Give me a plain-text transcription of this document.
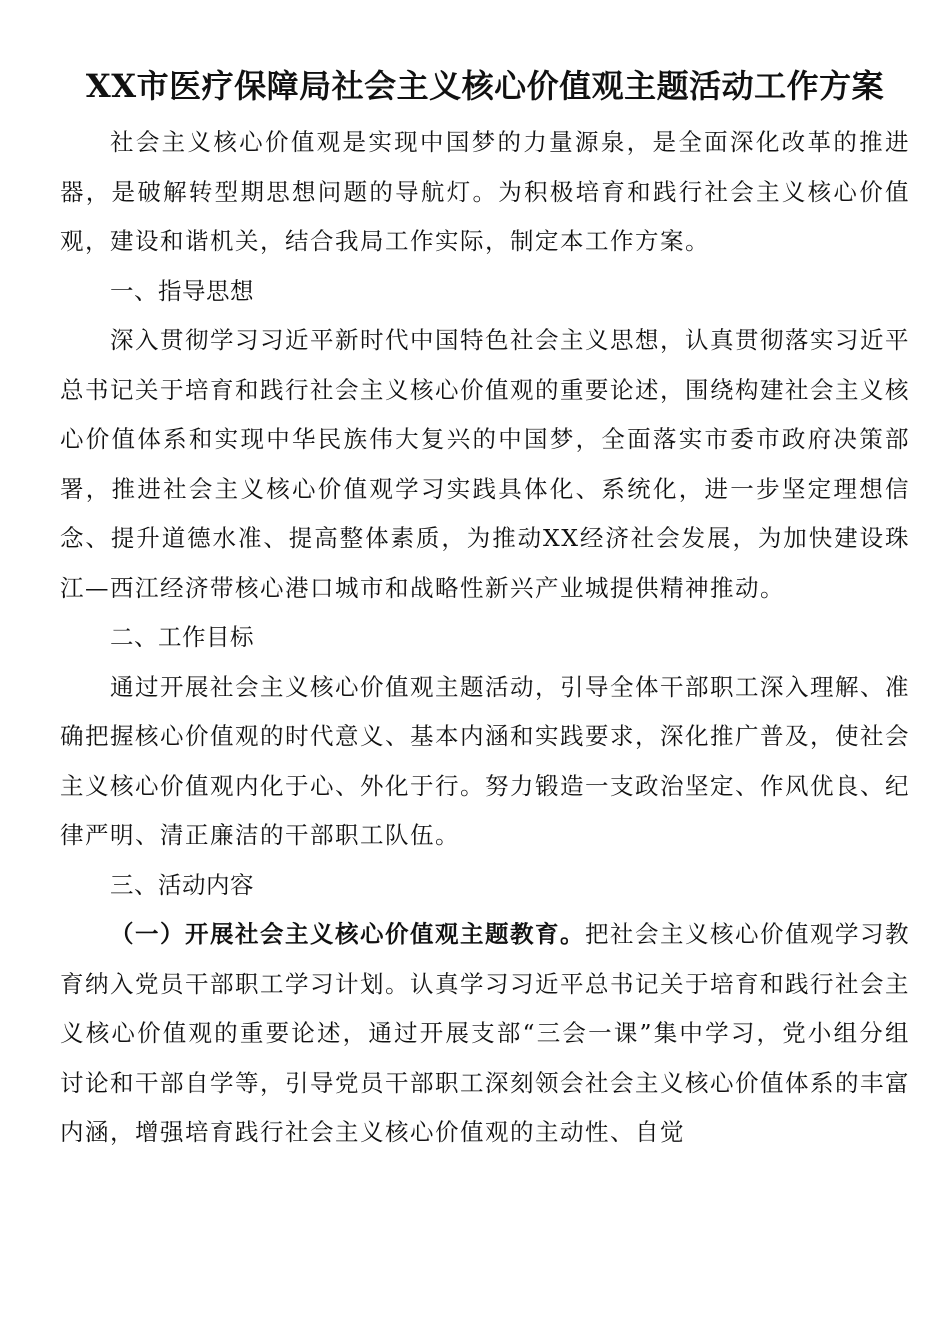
XX市医疗保障局社会主义核心价值观主题活动工作方案

社会主义核心价值观是实现中国梦的力量源泉，是全面深化改革的推进器，是破解转型期思想问题的导航灯。为积极培育和践行社会主义核心价值观，建设和谐机关，结合我局工作实际，制定本工作方案。

一、指导思想

深入贯彻学习习近平新时代中国特色社会主义思想，认真贯彻落实习近平总书记关于培育和践行社会主义核心价值观的重要论述，围绕构建社会主义核心价值体系和实现中华民族伟大复兴的中国梦，全面落实市委市政府决策部署，推进社会主义核心价值观学习实践具体化、系统化，进一步坚定理想信念、提升道德水准、提高整体素质，为推动XX经济社会发展，为加快建设珠江—西江经济带核心港口城市和战略性新兴产业城提供精神推动。

二、工作目标

通过开展社会主义核心价值观主题活动，引导全体干部职工深入理解、准确把握核心价值观的时代意义、基本内涵和实践要求，深化推广普及，使社会主义核心价值观内化于心、外化于行。努力锻造一支政治坚定、作风优良、纪律严明、清正廉洁的干部职工队伍。

三、活动内容

（一）开展社会主义核心价值观主题教育。把社会主义核心价值观学习教育纳入党员干部职工学习计划。认真学习习近平总书记关于培育和践行社会主义核心价值观的重要论述，通过开展支部“三会一课”集中学习，党小组分组讨论和干部自学等，引导党员干部职工深刻领会社会主义核心价值体系的丰富内涵，增强培育践行社会主义核心价值观的主动性、自觉
